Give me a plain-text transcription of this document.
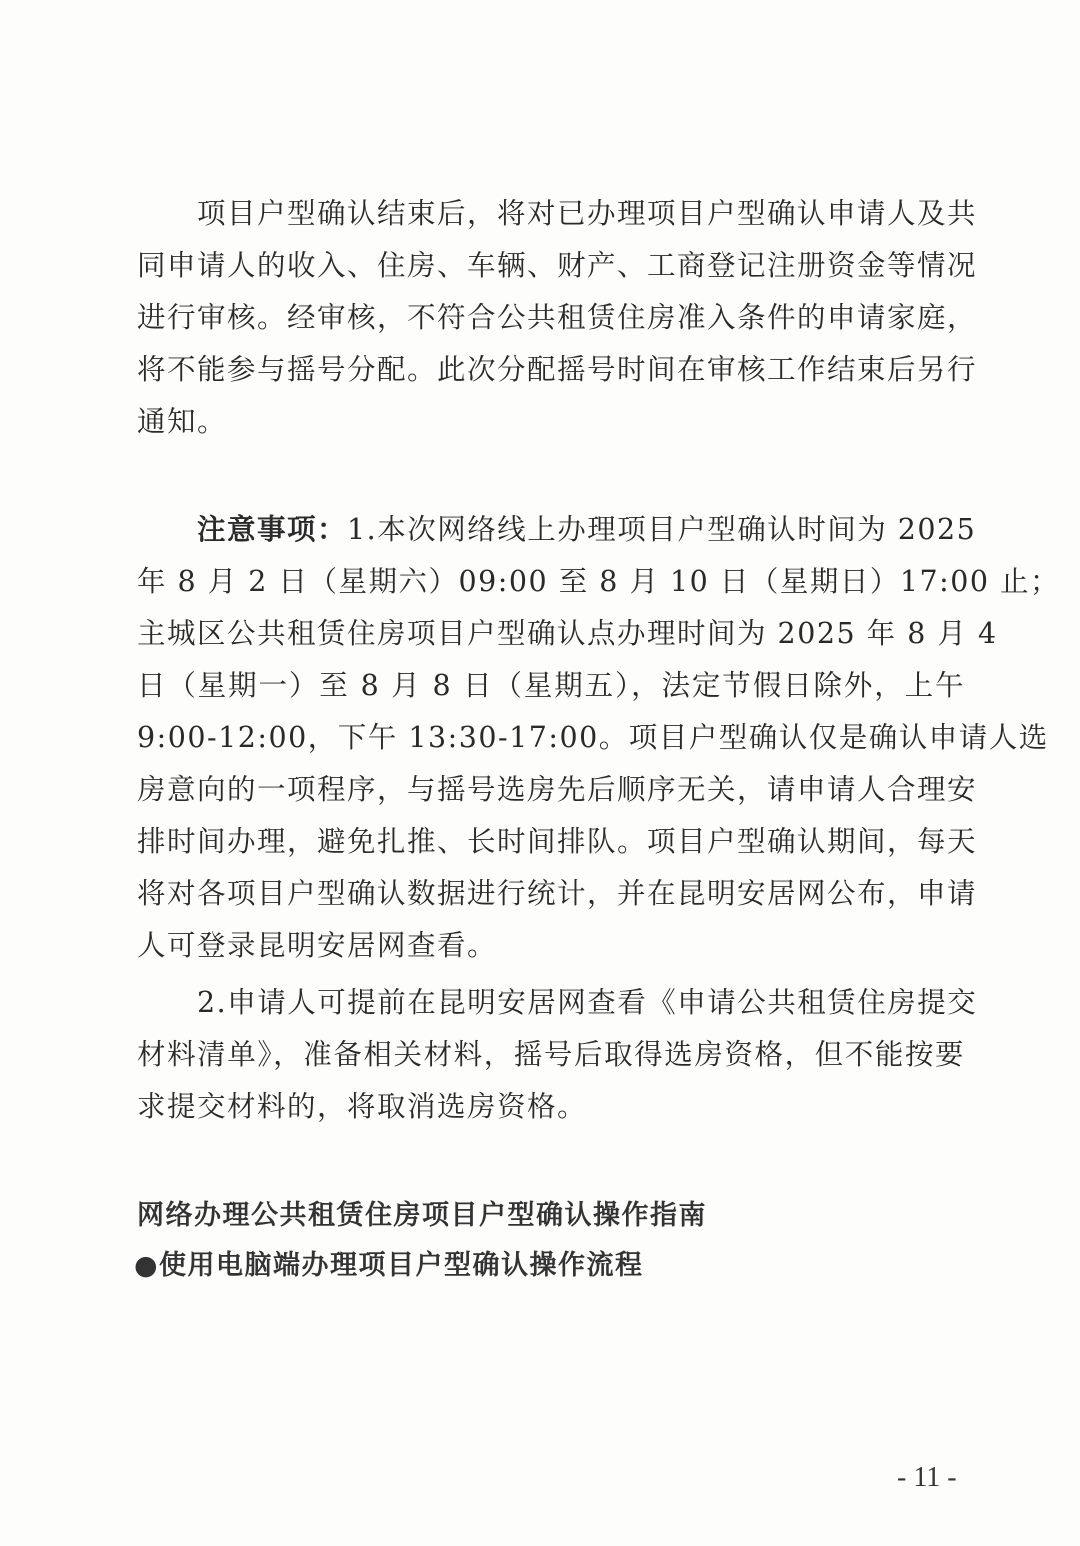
　　项目户型确认结束后，将对已办理项目户型确认申请人及共
同申请人的收入、住房、车辆、财产、工商登记注册资金等情况
进行审核。经审核，不符合公共租赁住房准入条件的申请家庭，
将不能参与摇号分配。此次分配摇号时间在审核工作结束后另行
通知。
　　注意事项：1.本次网络线上办理项目户型确认时间为 2025
年 8 月 2 日（星期六）09:00 至 8 月 10 日（星期日）17:00 止；
主城区公共租赁住房项目户型确认点办理时间为 2025 年 8 月 4
日（星期一）至 8 月 8 日（星期五），法定节假日除外，上午
9:00-12:00，下午 13:30-17:00。项目户型确认仅是确认申请人选
房意向的一项程序，与摇号选房先后顺序无关，请申请人合理安
排时间办理，避免扎推、长时间排队。项目户型确认期间，每天
将对各项目户型确认数据进行统计，并在昆明安居网公布，申请
人可登录昆明安居网查看。
　　2.申请人可提前在昆明安居网查看《申请公共租赁住房提交
材料清单》，准备相关材料，摇号后取得选房资格，但不能按要
求提交材料的，将取消选房资格。
网络办理公共租赁住房项目户型确认操作指南
●使用电脑端办理项目户型确认操作流程
- 11 -
